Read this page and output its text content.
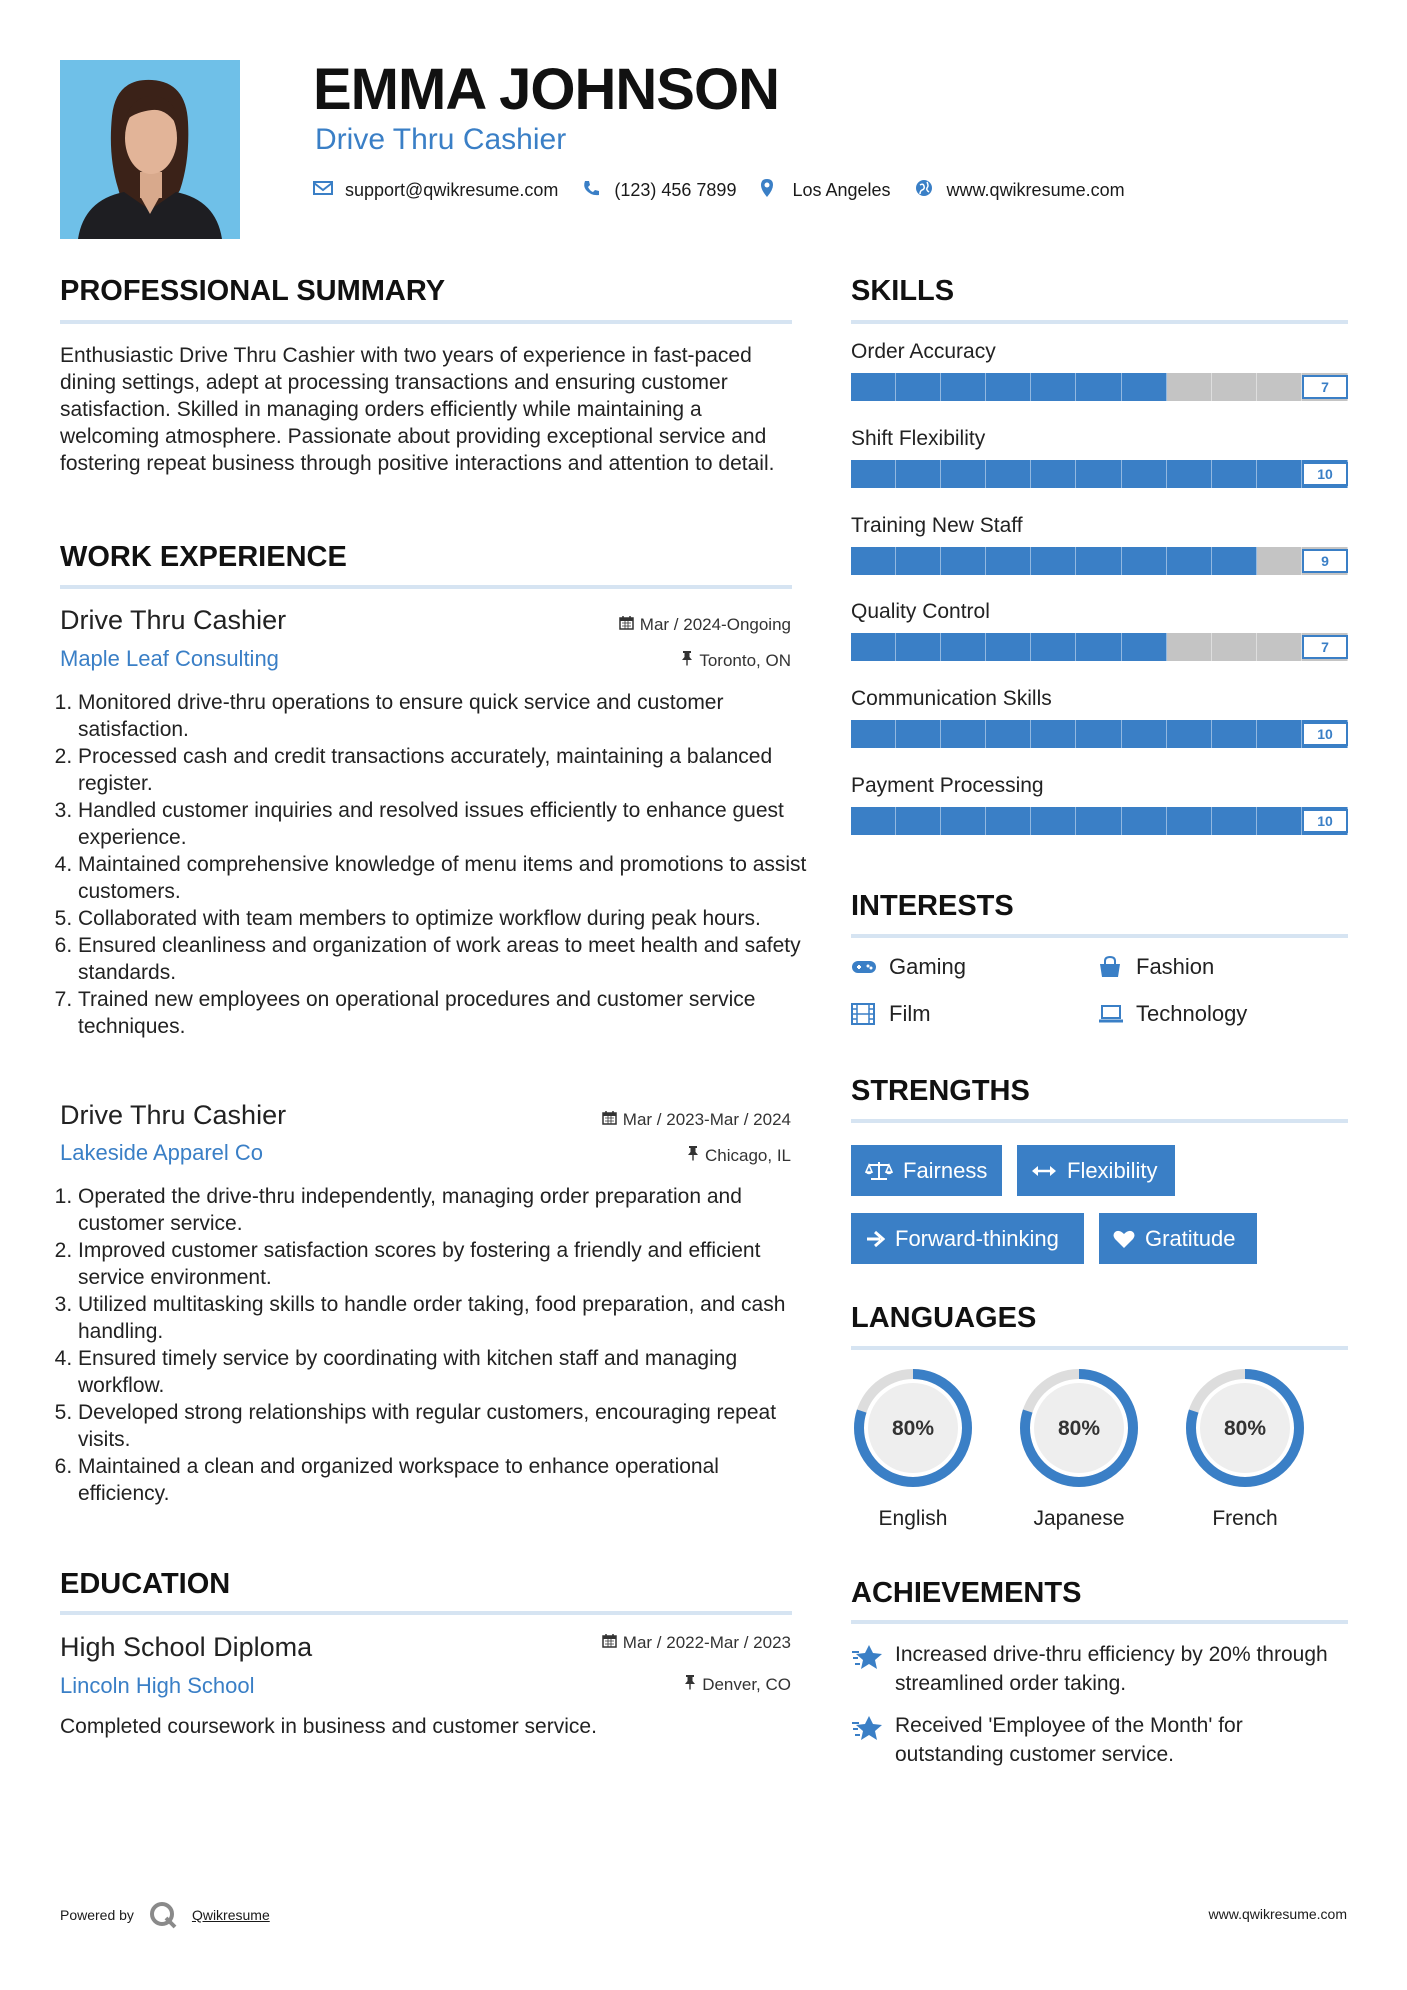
EMMA JOHNSON
Drive Thru Cashier
support@qwikresume.com	(123) 456 7899	Los Angeles	www.qwikresume.com
PROFESSIONAL SUMMARY
Enthusiastic Drive Thru Cashier with two years of experience in fast-paced dining settings, adept at processing transactions and ensuring customer satisfaction. Skilled in managing orders efficiently while maintaining a welcoming atmosphere. Passionate about providing exceptional service and fostering repeat business through positive interactions and attention to detail.
WORK EXPERIENCE
Drive Thru Cashier	Mar / 2024-Ongoing
Maple Leaf Consulting	Toronto, ON
1. Monitored drive-thru operations to ensure quick service and customer satisfaction.
2. Processed cash and credit transactions accurately, maintaining a balanced register.
3. Handled customer inquiries and resolved issues efficiently to enhance guest experience.
4. Maintained comprehensive knowledge of menu items and promotions to assist customers.
5. Collaborated with team members to optimize workflow during peak hours.
6. Ensured cleanliness and organization of work areas to meet health and safety standards.
7. Trained new employees on operational procedures and customer service techniques.
Drive Thru Cashier	Mar / 2023-Mar / 2024
Lakeside Apparel Co	Chicago, IL
1. Operated the drive-thru independently, managing order preparation and customer service.
2. Improved customer satisfaction scores by fostering a friendly and efficient service environment.
3. Utilized multitasking skills to handle order taking, food preparation, and cash handling.
4. Ensured timely service by coordinating with kitchen staff and managing workflow.
5. Developed strong relationships with regular customers, encouraging repeat visits.
6. Maintained a clean and organized workspace to enhance operational efficiency.
EDUCATION
High School Diploma	Mar / 2022-Mar / 2023
Lincoln High School	Denver, CO
Completed coursework in business and customer service.
SKILLS
Order Accuracy
7
Shift Flexibility
10
Training New Staff
9
Quality Control
7
Communication Skills
10
Payment Processing
10
INTERESTS
Gaming	Fashion
Film	Technology
STRENGTHS
Fairness	Flexibility
Forward-thinking	Gratitude
LANGUAGES
80%
English
80%
Japanese
80%
French
ACHIEVEMENTS
Increased drive-thru efficiency by 20% through streamlined order taking.
Received 'Employee of the Month' for outstanding customer service.
Powered by	Qwikresume	www.qwikresume.com
